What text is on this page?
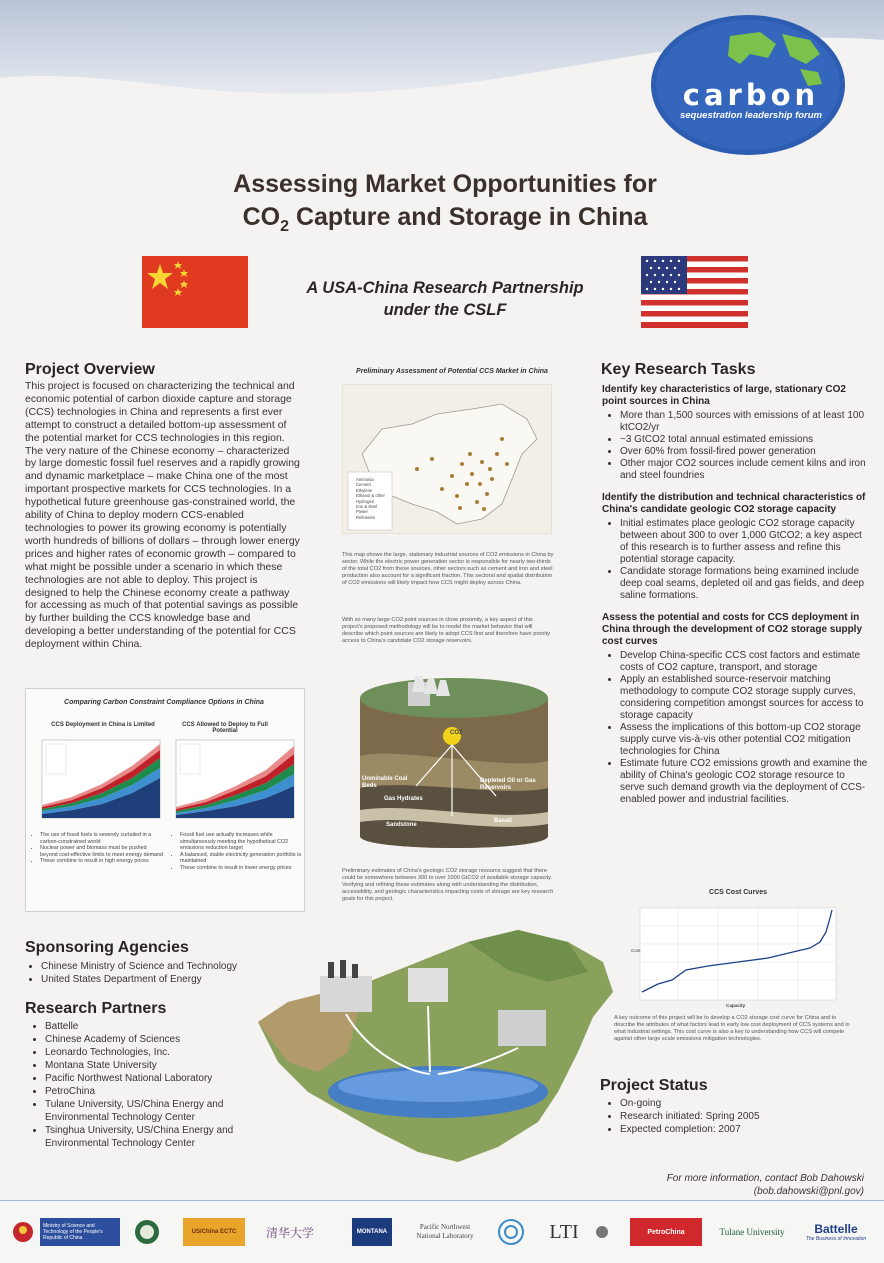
carbon
sequestration leadership forum
Assessing Market Opportunities for
$CO_2$ Capture and Storage in China
A USA-China Research Partnership
under the CSLF
Project Overview
This project is focused on characterizing the technical and economic potential of carbon dioxide capture and storage (CCS) technologies in China and represents a first ever attempt to construct a detailed bottom-up assessment of the potential market for CCS technologies in this region. The very nature of the Chinese economy – characterized by large domestic fossil fuel reserves and a rapidly growing and dynamic marketplace – make China one of the most important prospective markets for CCS technologies. In a hypothetical future greenhouse gas-constrained world, the ability of China to deploy modern CCS-enabled technologies to power its growing economy is potentially worth hundreds of billions of dollars – through lower energy prices and higher rates of economic growth – compared to what might be possible under a scenario in which these technologies are not able to deploy. This project is designed to help the Chinese economy create a pathway for accessing as much of that potential savings as possible by further building the CCS knowledge base and developing a better understanding of the potential for CCS deployment within China.
Comparing Carbon Constraint Compliance Options in China
CCS Deployment in China is Limited	CCS Allowed to Deploy to Full Potential
• The use of fossil fuels is severely curtailed in a carbon-constrained world
• Nuclear power and biomass must be pushed beyond cost-effective limits to meet energy demand
• These combine to result in high energy prices
• Fossil fuel use actually increases while simultaneously meeting the hypothetical CO2 emissions reduction target
• A balanced, stable electricity generation portfolio is maintained
• These combine to result in lower energy prices
Preliminary Assessment of Potential CCS Market in China
Ammonia
Cement
Ethylene
Ethanol & other
Hydrogen
Iron & steel
Power
Refineries
This map shows the large, stationary industrial sources of CO2 emissions in China by sector. While the electric power generation sector is responsible for nearly two-thirds of the total CO2 from these sources, other sectors such as cement and iron and steel production also account for a significant fraction. This sectoral and spatial distribution of CO2 emissions will likely impact how CCS might deploy across China.
With so many large CO2 point sources in close proximity, a key aspect of this project's proposed methodology will be to model the market behavior that will describe which point sources are likely to adopt CCS first and therefore have priority access to China's candidate CO2 storage reservoirs.
CO2
Unminable Coal Beds
Gas Hydrates
Sandstone
Depleted Oil or Gas Reservoirs
Basalt
Preliminary estimates of China's geologic CO2 storage resource suggest that there could be somewhere between 300 to over 1000 GtCO2 of available storage capacity. Verifying and refining these estimates along with understanding the distribution, accessibility, and geologic characteristics impacting costs of storage are key research goals for this project.
Key Research Tasks
Identify key characteristics of large, stationary CO2 point sources in China
• More than 1,500 sources with emissions of at least 100 ktCO2/yr
• ~3 GtCO2 total annual estimated emissions
• Over 60% from fossil-fired power generation
• Other major CO2 sources include cement kilns and iron and steel foundries
Identify the distribution and technical characteristics of China's candidate geologic CO2 storage capacity
• Initial estimates place geologic CO2 storage capacity between about 300 to over 1,000 GtCO2; a key aspect of this research is to further assess and refine this potential storage capacity.
• Candidate storage formations being examined include deep coal seams, depleted oil and gas fields, and deep saline formations.
Assess the potential and costs for CCS deployment in China through the development of CO2 storage supply cost curves
• Develop China-specific CCS cost factors and estimate costs of CO2 capture, transport, and storage
• Apply an established source-reservoir matching methodology to compute CO2 storage supply curves, considering competition amongst sources for access to storage capacity
• Assess the implications of this bottom-up CO2 storage supply curve vis-à-vis other potential CO2 mitigation technologies for China
• Estimate future CO2 emissions growth and examine the ability of China's geologic CO2 storage resource to serve such demand growth via the deployment of CCS-enabled power and industrial facilities.
CCS Cost Curves
Cost
Capacity
A key outcome of this project will be to develop a CO2 storage cost curve for China and to describe the attributes of what factors lead to early low cost deployment of CCS systems and in what industrial settings. This cost curve is also a key to understanding how CCS will compete against other large scale emissions mitigation technologies.
Sponsoring Agencies
• Chinese Ministry of Science and Technology
• United States Department of Energy
Research Partners
• Battelle
• Chinese Academy of Sciences
• Leonardo Technologies, Inc.
• Montana State University
• Pacific Northwest National Laboratory
• PetroChina
• Tulane University, US/China Energy and Environmental Technology Center
• Tsinghua University, US/China Energy and Environmental Technology Center
Project Status
• On-going
• Research initiated: Spring 2005
• Expected completion: 2007
For more information, contact Bob Dahowski
(bob.dahowski@pnl.gov)
Ministry of Science and Technology of the People's Republic of China
US/China ECTC	清华大学	MONTANA
Pacific Northwest
National Laboratory	LTI	PetroChina	Tulane University Battelle
The Business of Innovation
